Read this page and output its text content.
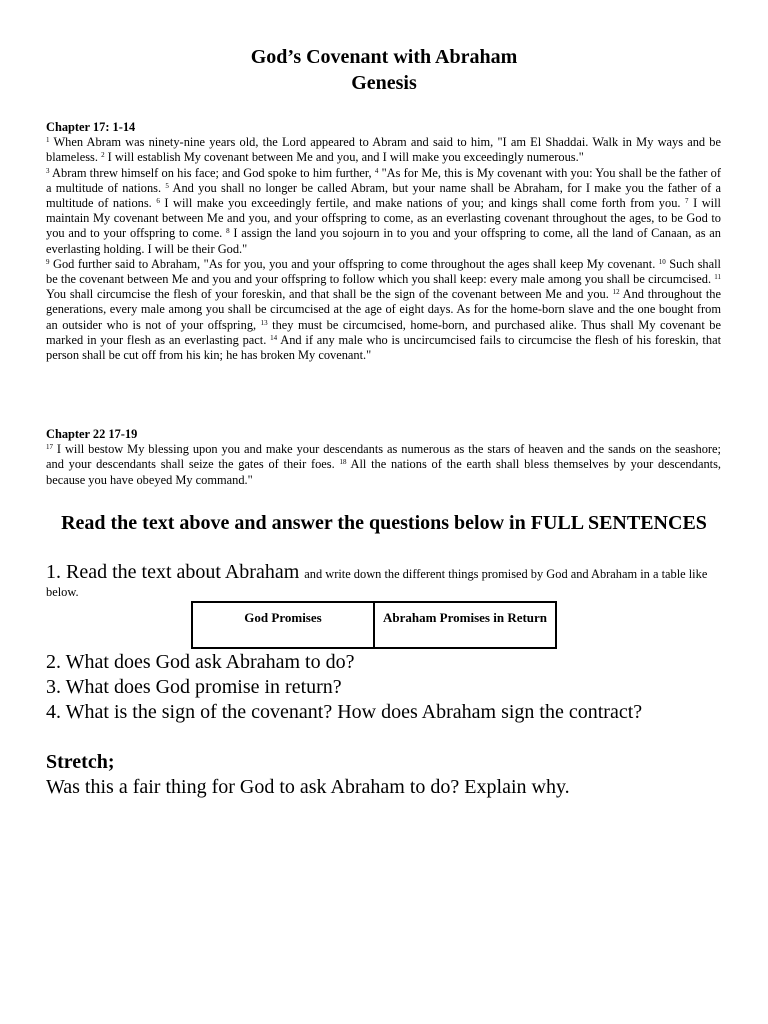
God’s Covenant with Abraham
Genesis
Chapter 17: 1-14
$^1$ When Abram was ninety-nine years old, the Lord appeared to Abram and said to him, "I am El Shaddai. Walk in My ways and be blameless. $^2$ I will establish My covenant between Me and you, and I will make you exceedingly numerous."
$^3$ Abram threw himself on his face; and God spoke to him further, $^4$ "As for Me, this is My covenant with you: You shall be the father of a multitude of nations. $^5$ And you shall no longer be called Abram, but your name shall be Abraham, for I make you the father of a multitude of nations. $^6$ I will make you exceedingly fertile, and make nations of you; and kings shall come forth from you. $^7$ I will maintain My covenant between Me and you, and your offspring to come, as an everlasting covenant throughout the ages, to be God to you and to your offspring to come. $^8$ I assign the land you sojourn in to you and your offspring to come, all the land of Canaan, as an everlasting holding. I will be their God."
$^9$ God further said to Abraham, "As for you, you and your offspring to come throughout the ages shall keep My covenant. $^{10}$ Such shall be the covenant between Me and you and your offspring to follow which you shall keep: every male among you shall be circumcised. $^{11}$ You shall circumcise the flesh of your foreskin, and that shall be the sign of the covenant between Me and you. $^{12}$ And throughout the generations, every male among you shall be circumcised at the age of eight days. As for the home-born slave and the one bought from an outsider who is not of your offspring, $^{13}$ they must be circumcised, home-born, and purchased alike. Thus shall My covenant be marked in your flesh as an everlasting pact. $^{14}$ And if any male who is uncircumcised fails to circumcise the flesh of his foreskin, that person shall be cut off from his kin; he has broken My covenant."
Chapter 22 17-19
$^{17}$ I will bestow My blessing upon you and make your descendants as numerous as the stars of heaven and the sands on the seashore; and your descendants shall seize the gates of their foes. $^{18}$ All the nations of the earth shall bless themselves by your descendants, because you have obeyed My command."
Read the text above and answer the questions below in FULL SENTENCES
1. Read the text about Abraham and write down the different things promised by God and Abraham in a table like below.
God Promises	Abraham Promises in Return
2. What does God ask Abraham to do?
3. What does God promise in return?
4. What is the sign of the covenant? How does Abraham sign the contract?
Stretch;
Was this a fair thing for God to ask Abraham to do? Explain why.
